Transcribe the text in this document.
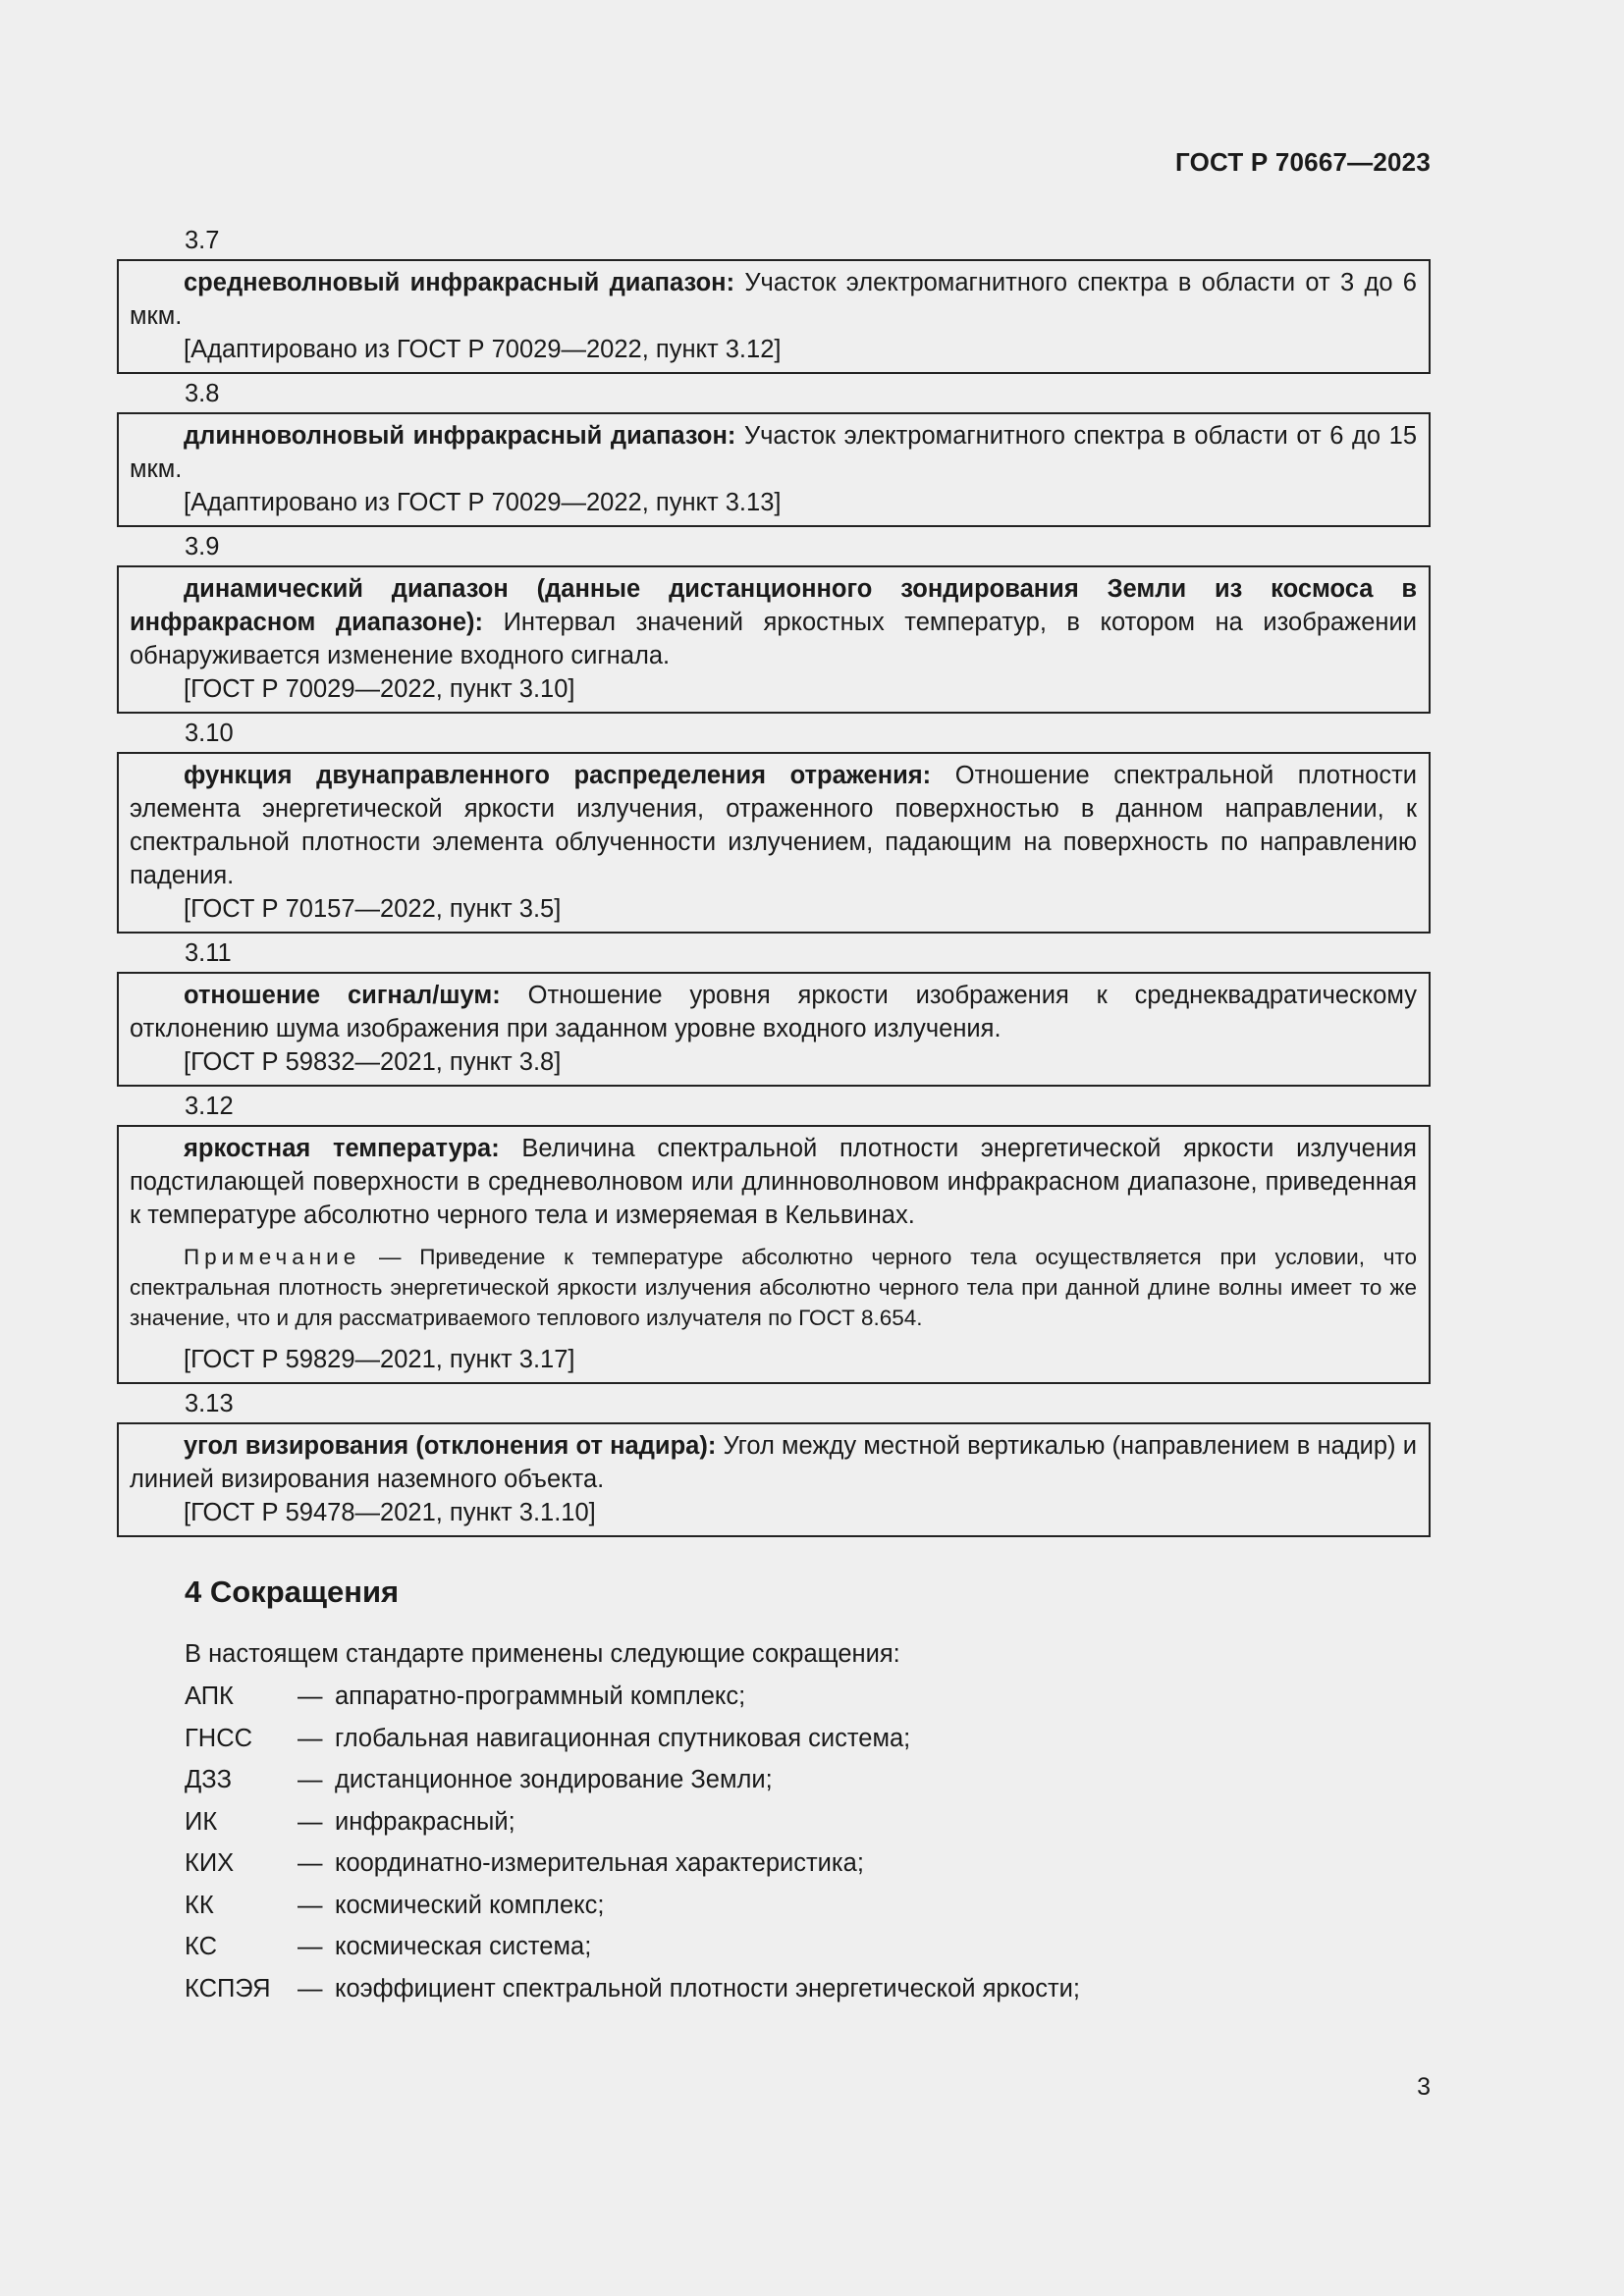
ГОСТ Р 70667—2023
3.7

средневолновый инфракрасный диапазон: Участок электромагнитного спектра в области от 3 до 6 мкм.

[Адаптировано из ГОСТ Р 70029—2022, пункт 3.12]

3.8

длинноволновый инфракрасный диапазон: Участок электромагнитного спектра в области от 6 до 15 мкм.

[Адаптировано из ГОСТ Р 70029—2022, пункт 3.13]

3.9

динамический диапазон (данные дистанционного зондирования Земли из космоса в инфракрасном диапазоне): Интервал значений яркостных температур, в котором на изображении обнаруживается изменение входного сигнала.

[ГОСТ Р 70029—2022, пункт 3.10]

3.10

функция двунаправленного распределения отражения: Отношение спектральной плотности элемента энергетической яркости излучения, отраженного поверхностью в данном направлении, к спектральной плотности элемента облученности излучением, падающим на поверхность по направлению падения.

[ГОСТ Р 70157—2022, пункт 3.5]

3.11

отношение сигнал/шум: Отношение уровня яркости изображения к среднеквадратическому отклонению шума изображения при заданном уровне входного излучения.

[ГОСТ Р 59832—2021, пункт 3.8]

3.12

яркостная температура: Величина спектральной плотности энергетической яркости излучения подстилающей поверхности в средневолновом или длинноволновом инфракрасном диапазоне, приведенная к температуре абсолютно черного тела и измеряемая в Кельвинах.

Примечание — Приведение к температуре абсолютно черного тела осуществляется при условии, что спектральная плотность энергетической яркости излучения абсолютно черного тела при данной длине волны имеет то же значение, что и для рассматриваемого теплового излучателя по ГОСТ 8.654.

[ГОСТ Р 59829—2021, пункт 3.17]

3.13

угол визирования (отклонения от надира): Угол между местной вертикалью (направлением в надир) и линией визирования наземного объекта.

[ГОСТ Р 59478—2021, пункт 3.1.10]

4 Сокращения
В настоящем стандарте применены следующие сокращения:
АПК	— аппаратно-программный комплекс;
ГНСС	— глобальная навигационная спутниковая система;
ДЗЗ	— дистанционное зондирование Земли;
ИК	— инфракрасный;
КИХ	— координатно-измерительная характеристика;
КК	— космический комплекс;
КС	— космическая система;
КСПЭЯ	— коэффициент спектральной плотности энергетической яркости;
3
